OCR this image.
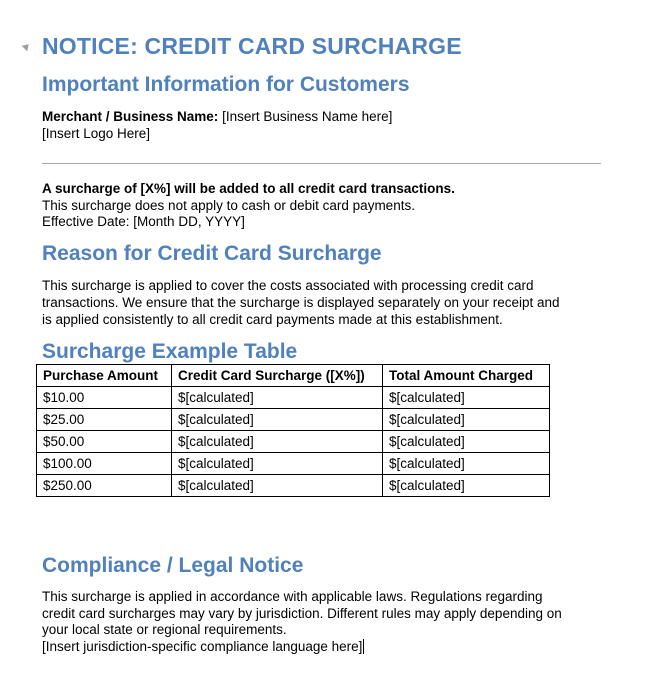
NOTICE: CREDIT CARD SURCHARGE
Important Information for Customers
Merchant / Business Name: [Insert Business Name here]
[Insert Logo Here]
A surcharge of [X%] will be added to all credit card transactions.
This surcharge does not apply to cash or debit card payments.
Effective Date: [Month DD, YYYY]
Reason for Credit Card Surcharge
This surcharge is applied to cover the costs associated with processing credit card
transactions. We ensure that the surcharge is displayed separately on your receipt and
is applied consistently to all credit card payments made at this establishment.
Surcharge Example Table
Purchase Amount	Credit Card Surcharge ([X%])	Total Amount Charged
$10.00	$[calculated]	$[calculated]
$25.00	$[calculated]	$[calculated]
$50.00	$[calculated]	$[calculated]
$100.00	$[calculated]	$[calculated]
$250.00	$[calculated]	$[calculated]
Compliance / Legal Notice
This surcharge is applied in accordance with applicable laws. Regulations regarding
credit card surcharges may vary by jurisdiction. Different rules may apply depending on
your local state or regional requirements.
[Insert jurisdiction-specific compliance language here]
